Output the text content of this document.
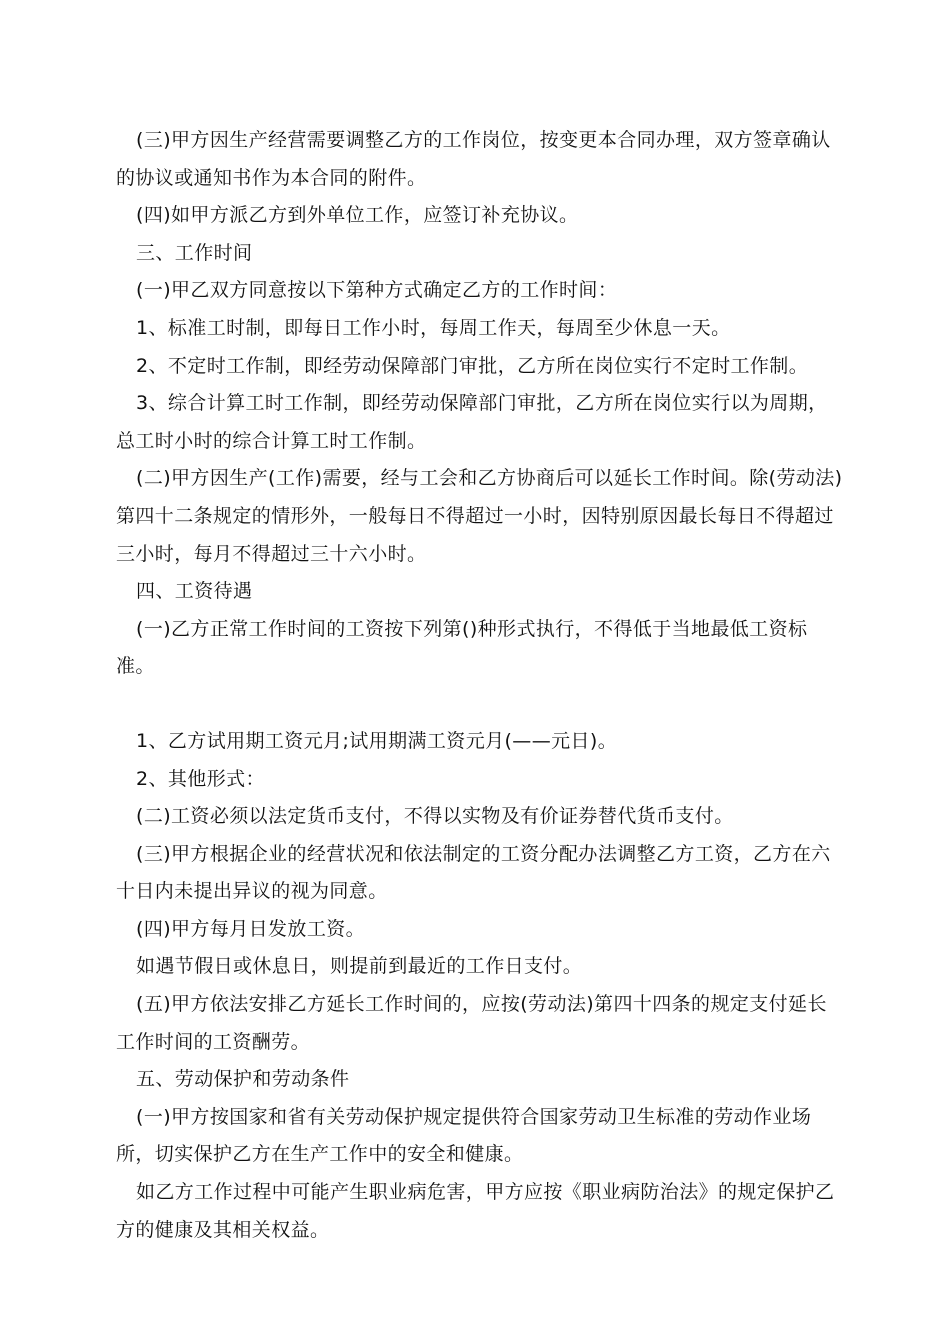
(三)甲方因生产经营需要调整乙方的工作岗位，按变更本合同办理，双方签章确认的协议或通知书作为本合同的附件。

(四)如甲方派乙方到外单位工作，应签订补充协议。

三、工作时间

(一)甲乙双方同意按以下第种方式确定乙方的工作时间：

1、标准工时制，即每日工作小时，每周工作天，每周至少休息一天。

2、不定时工作制，即经劳动保障部门审批，乙方所在岗位实行不定时工作制。

3、综合计算工时工作制，即经劳动保障部门审批，乙方所在岗位实行以为周期，总工时小时的综合计算工时工作制。

(二)甲方因生产(工作)需要，经与工会和乙方协商后可以延长工作时间。除(劳动法)第四十二条规定的情形外，一般每日不得超过一小时，因特别原因最长每日不得超过三小时，每月不得超过三十六小时。

四、工资待遇

(一)乙方正常工作时间的工资按下列第()种形式执行，不得低于当地最低工资标准。

1、乙方试用期工资元月;试用期满工资元月(——元日)。

2、其他形式：

(二)工资必须以法定货币支付，不得以实物及有价证券替代货币支付。

(三)甲方根据企业的经营状况和依法制定的工资分配办法调整乙方工资，乙方在六十日内未提出异议的视为同意。

(四)甲方每月日发放工资。

如遇节假日或休息日，则提前到最近的工作日支付。

(五)甲方依法安排乙方延长工作时间的，应按(劳动法)第四十四条的规定支付延长工作时间的工资酬劳。

五、劳动保护和劳动条件

(一)甲方按国家和省有关劳动保护规定提供符合国家劳动卫生标准的劳动作业场所，切实保护乙方在生产工作中的安全和健康。

如乙方工作过程中可能产生职业病危害，甲方应按《职业病防治法》的规定保护乙方的健康及其相关权益。
